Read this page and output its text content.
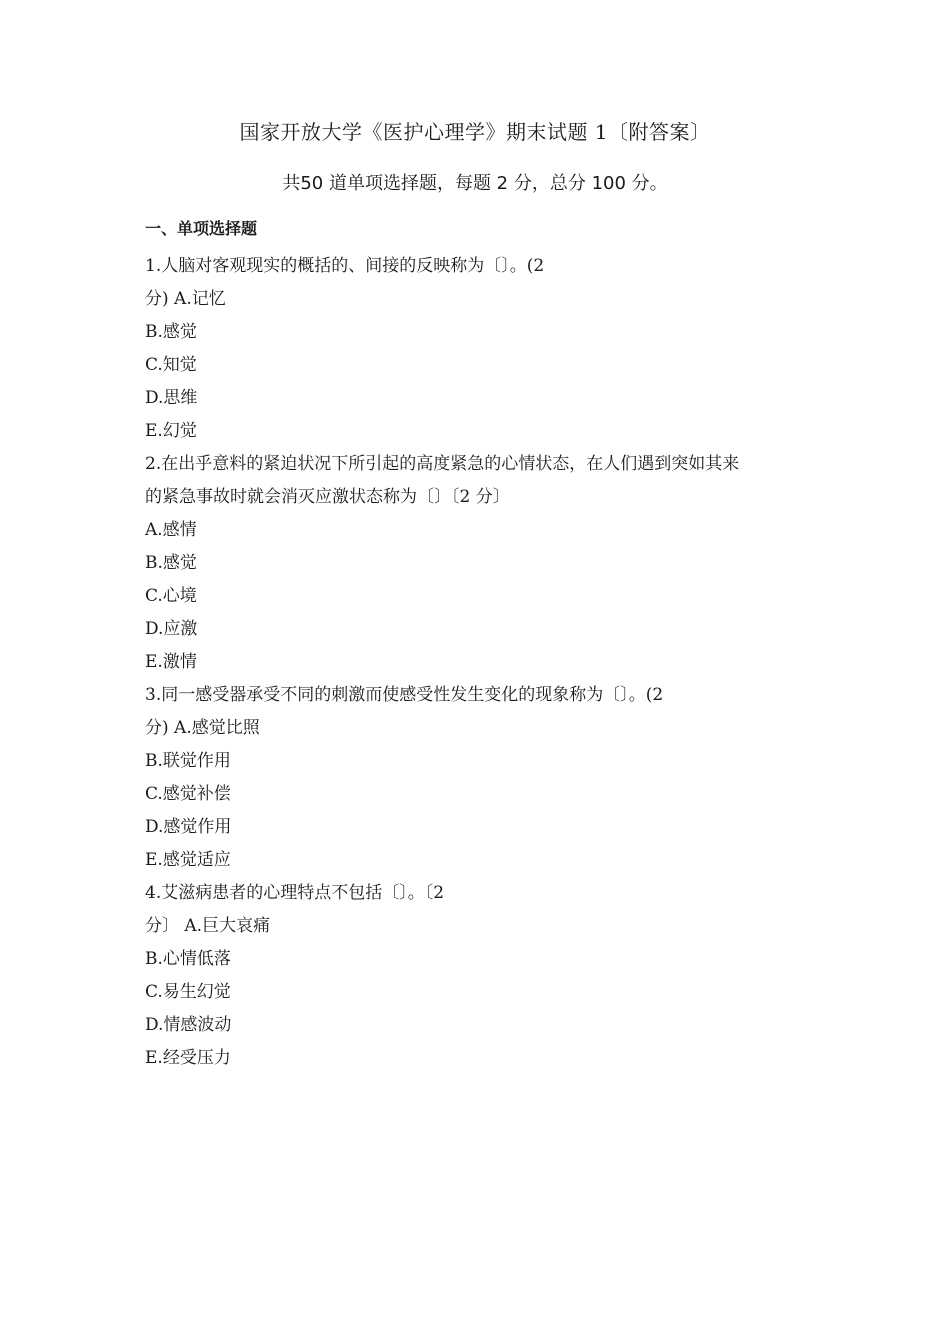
国家开放大学《医护心理学》期末试题 1〔附答案〕
共50 道单项选择题，每题 2 分，总分 100 分。
一、单项选择题
1.人脑对客观现实的概括的、间接的反映称为〔〕。(2
分) A.记忆
B.感觉
C.知觉
D.思维
E.幻觉
2.在出乎意料的紧迫状况下所引起的高度紧急的心情状态，在人们遇到突如其来
的紧急事故时就会消灭应激状态称为〔〕〔2 分〕
A.感情
B.感觉
C.心境
D.应激
E.激情
3.同一感受器承受不同的刺激而使感受性发生变化的现象称为〔〕。(2
分) A.感觉比照
B.联觉作用
C.感觉补偿
D.感觉作用
E.感觉适应
4.艾滋病患者的心理特点不包括〔〕。〔2
分〕 A.巨大哀痛
B.心情低落
C.易生幻觉
D.情感波动
E.经受压力
